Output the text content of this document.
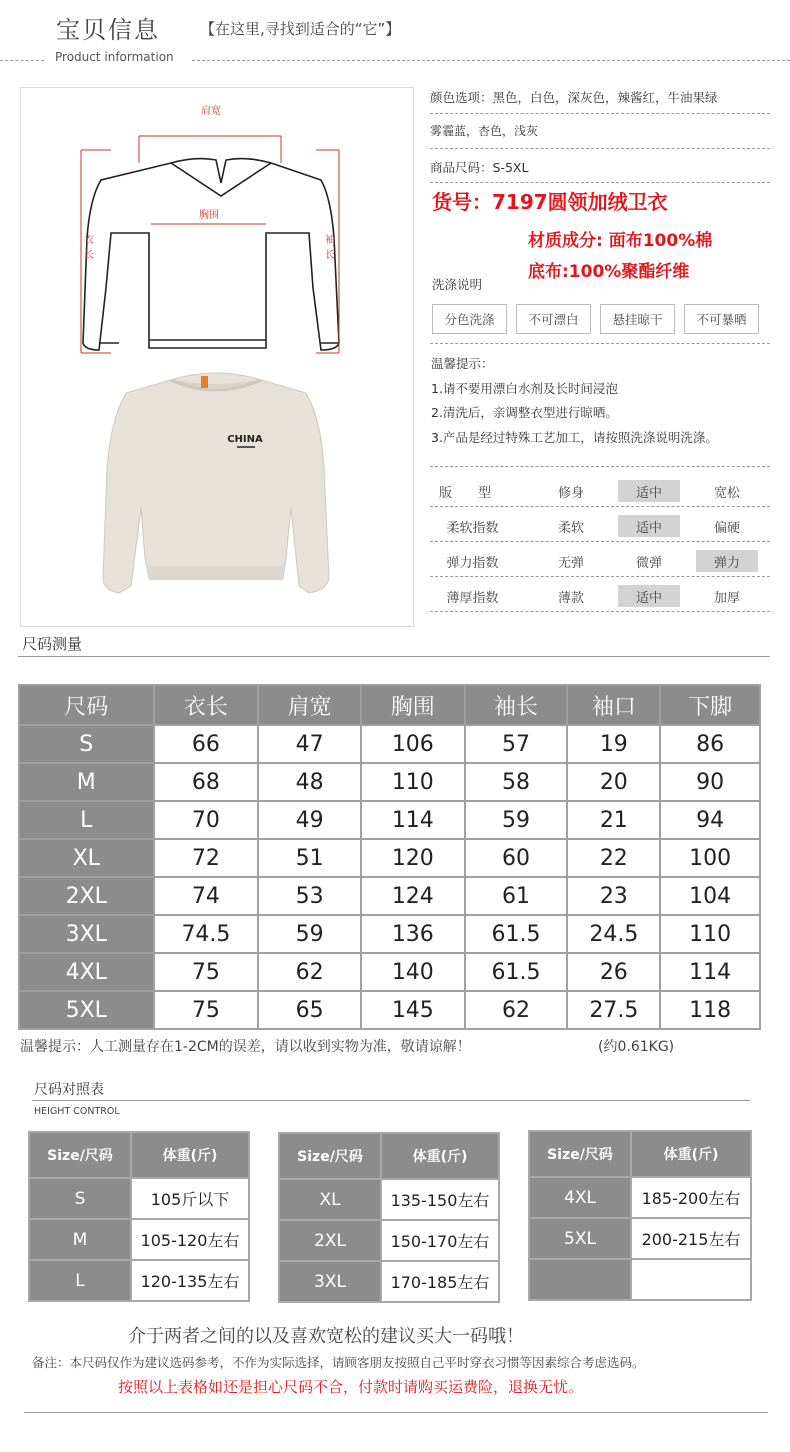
宝贝信息	【在这里,寻找到适合的“它”】
Product information
肩宽
胸围
衣
长
袖
长
CHINA
颜色选项：黑色，白色，深灰色，辣酱红，牛油果绿
雾霾蓝，杏色，浅灰
商品尺码：S-5XL
货号：7197圆领加绒卫衣
材质成分: 面布100%棉
底布:100%聚酯纤维
洗涤说明
分色洗涤	不可漂白	悬挂晾干	不可暴晒
温馨提示：
1.请不要用漂白水剂及长时间浸泡
2.清洗后，亲调整衣型进行晾晒。
3.产品是经过特殊工艺加工，请按照洗涤说明洗涤。
版　　型	修身	适中	宽松
柔软指数	柔软	适中	偏硬
弹力指数	无弹	微弹	弹力
薄厚指数	薄款	适中	加厚
尺码测量
尺码	衣长	肩宽	胸围	袖长	袖口	下脚
S	66	47	106	57	19	86
M	68	48	110	58	20	90
L	70	49	114	59	21	94
XL	72	51	120	60	22	100
2XL	74	53	124	61	23	104
3XL	74.5	59	136	61.5	24.5	110
4XL	75	62	140	61.5	26	114
5XL	75	65	145	62	27.5	118
温馨提示：人工测量存在1-2CM的误差，请以收到实物为准，敬请谅解！	(约0.61KG)
尺码对照表
HEIGHT CONTROL
Size/尺码	体重(斤)
S	105斤以下
M	105-120左右
L	120-135左右
Size/尺码	体重(斤)
XL	135-150左右
2XL	150-170左右
3XL	170-185左右
Size/尺码	体重(斤)
4XL	185-200左右
5XL	200-215左右

介于两者之间的以及喜欢宽松的建议买大一码哦！
备注：本尺码仅作为建议选码参考，不作为实际选择，请顾客朋友按照自己平时穿衣习惯等因素综合考虑选码。
按照以上表格如还是担心尺码不合，付款时请购买运费险，退换无忧。
